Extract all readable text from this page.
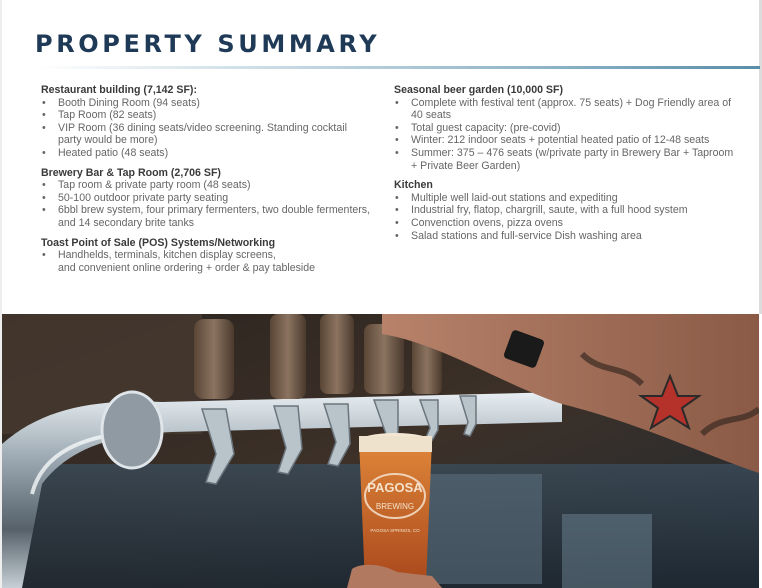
PROPERTY SUMMARY
Restaurant building (7,142 SF):
• Booth Dining Room (94 seats)
• Tap Room (82 seats)
• VIP Room (36 dining seats/video screening. Standing cocktail party would be more)
• Heated patio (48 seats)
Brewery Bar & Tap Room (2,706 SF)
• Tap room & private party room (48 seats)
• 50-100 outdoor private party seating
• 6bbl brew system, four primary fermenters, two double fermenters, and 14 secondary brite tanks
Toast Point of Sale (POS) Systems/Networking
• Handhelds, terminals, kitchen display screens,
and convenient online ordering + order & pay tableside
Seasonal beer garden (10,000 SF)
• Complete with festival tent (approx. 75 seats) + Dog Friendly area of 40 seats
• Total guest capacity: (pre-covid)
• Winter: 212 indoor seats + potential heated patio of 12-48 seats
• Summer: 375 – 476 seats (w/private party in Brewery Bar + Taproom + Private Beer Garden)
Kitchen
• Multiple well laid-out stations and expediting
• Industrial fry, flatop, chargrill, saute, with a full hood system
• Convenction ovens, pizza ovens
• Salad stations and full-service Dish washing area
PAGOSA
BREWING
PAGOSA SPRINGS, CO
